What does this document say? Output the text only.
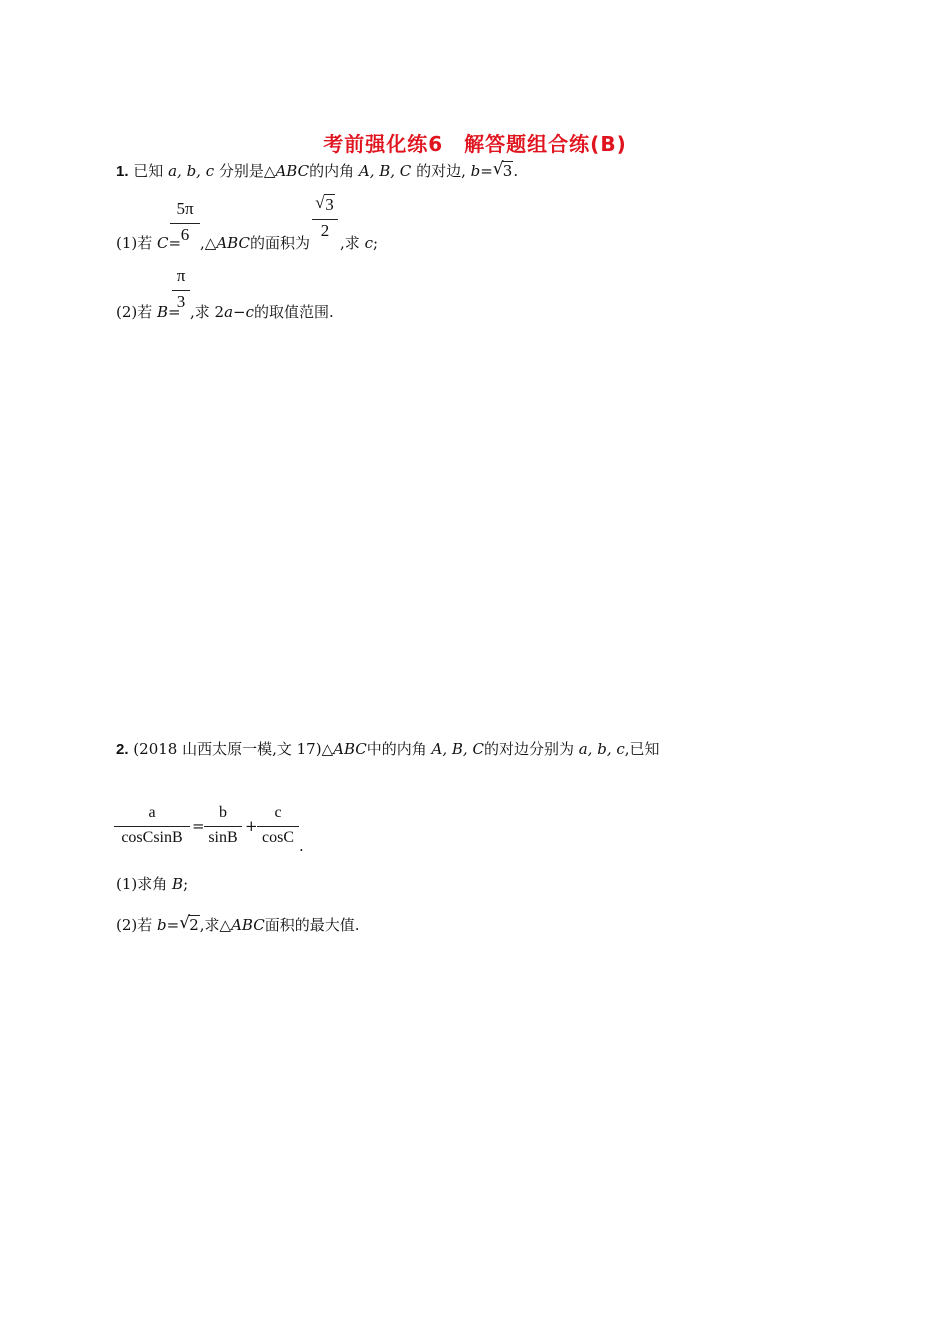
考前强化练6　解答题组合练(B)
1. 已知 a, b, c 分别是△ABC的内角 A, B, C 的对边, b= √ 3.
(1)若 C=
$\frac{5\pi}{6}$ ,△ABC的面积为
$\frac{√ 3}{2}$
,求 c;
(2)若 B=
$\frac{\pi}{3}$ ,求 2a−c的取值范围.
2. (2018 山西太原一模,文 17)△ABC中的内角 A, B, C的对边分别为 a, b, c,已知
$\frac{a}{\text{cosCsinB}} = \frac{b}{\sin B} + \frac{c}{\cos C}$ .
(1)求角 B;
(2)若 b= √ 2,求△ABC面积的最大值.
